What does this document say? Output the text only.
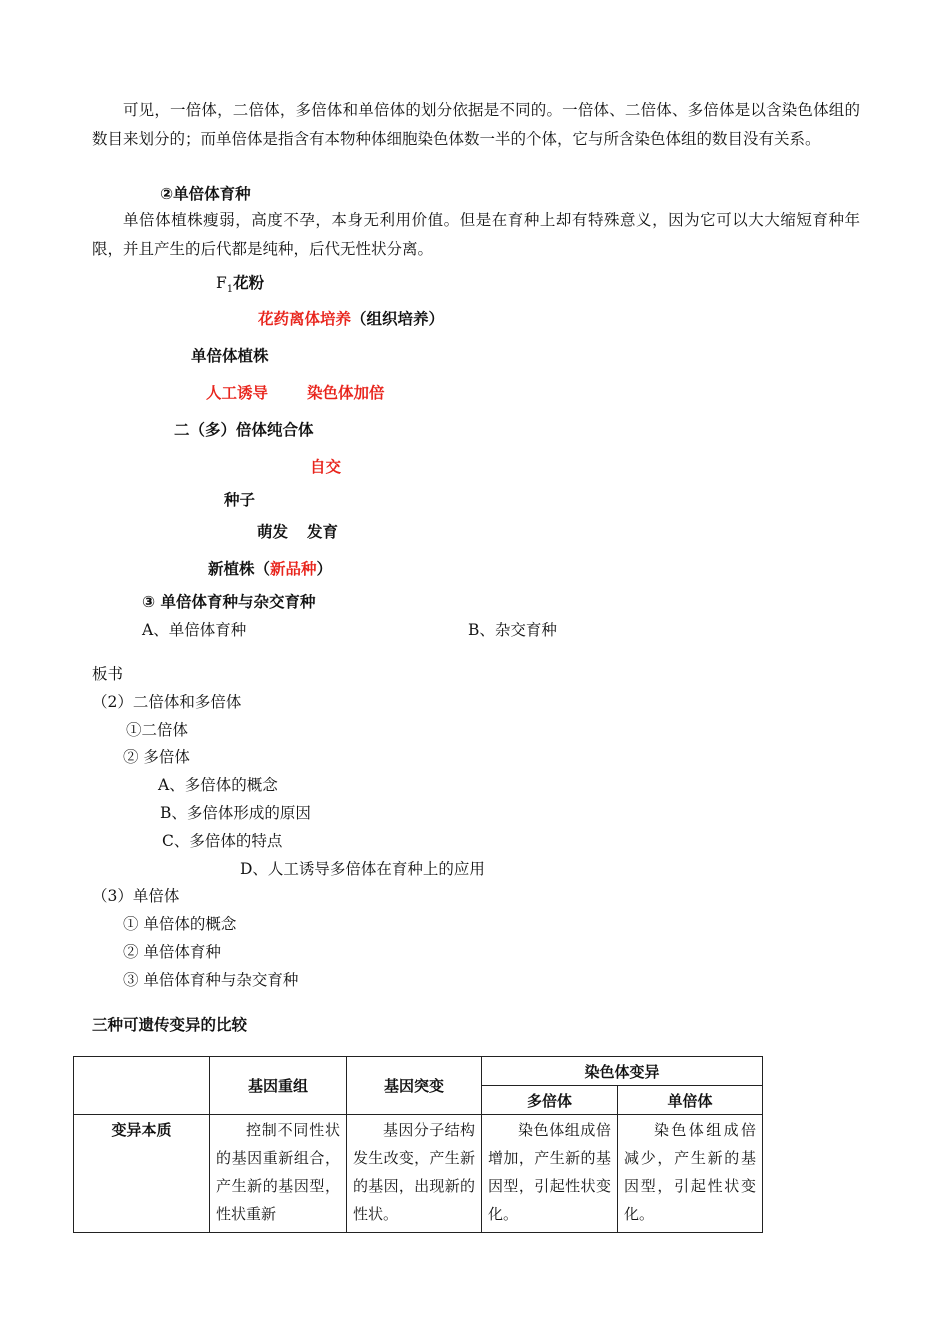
可见，一倍体，二倍体，多倍体和单倍体的划分依据是不同的。一倍体、二倍体、多倍体是以含染色体组的数目来划分的；而单倍体是指含有本物种体细胞染色体数一半的个体，它与所含染色体组的数目没有关系。
②单倍体育种
单倍体植株瘦弱，高度不孕，本身无利用价值。但是在育种上却有特殊意义，因为它可以大大缩短育种年限，并且产生的后代都是纯种，后代无性状分离。
$F_1$花粉
花药离体培养（组织培养）
单倍体植株
人工诱导	染色体加倍
二（多）倍体纯合体
自交
种子
萌发 发育
新植株（新品种）
③ 单倍体育种与杂交育种
A、单倍体育种	B、杂交育种
板书
（2）二倍体和多倍体
①二倍体
② 多倍体
A、多倍体的概念
B、多倍体形成的原因
C、多倍体的特点
D、人工诱导多倍体在育种上的应用
（3）单倍体
① 单倍体的概念
② 单倍体育种
③ 单倍体育种与杂交育种
三种可遗传变异的比较
	基因重组	基因突变	染色体变异	
			多倍体	单倍体
变异本质	控制不同性状的基因重新组合，产生新的基因型，性状重新	基因分子结构发生改变，产生新的基因，出现新的性状。	染色体组成倍增加，产生新的基因型，引起性状变化。	染色体组成倍减少，产生新的基因型，引起性状变化。
